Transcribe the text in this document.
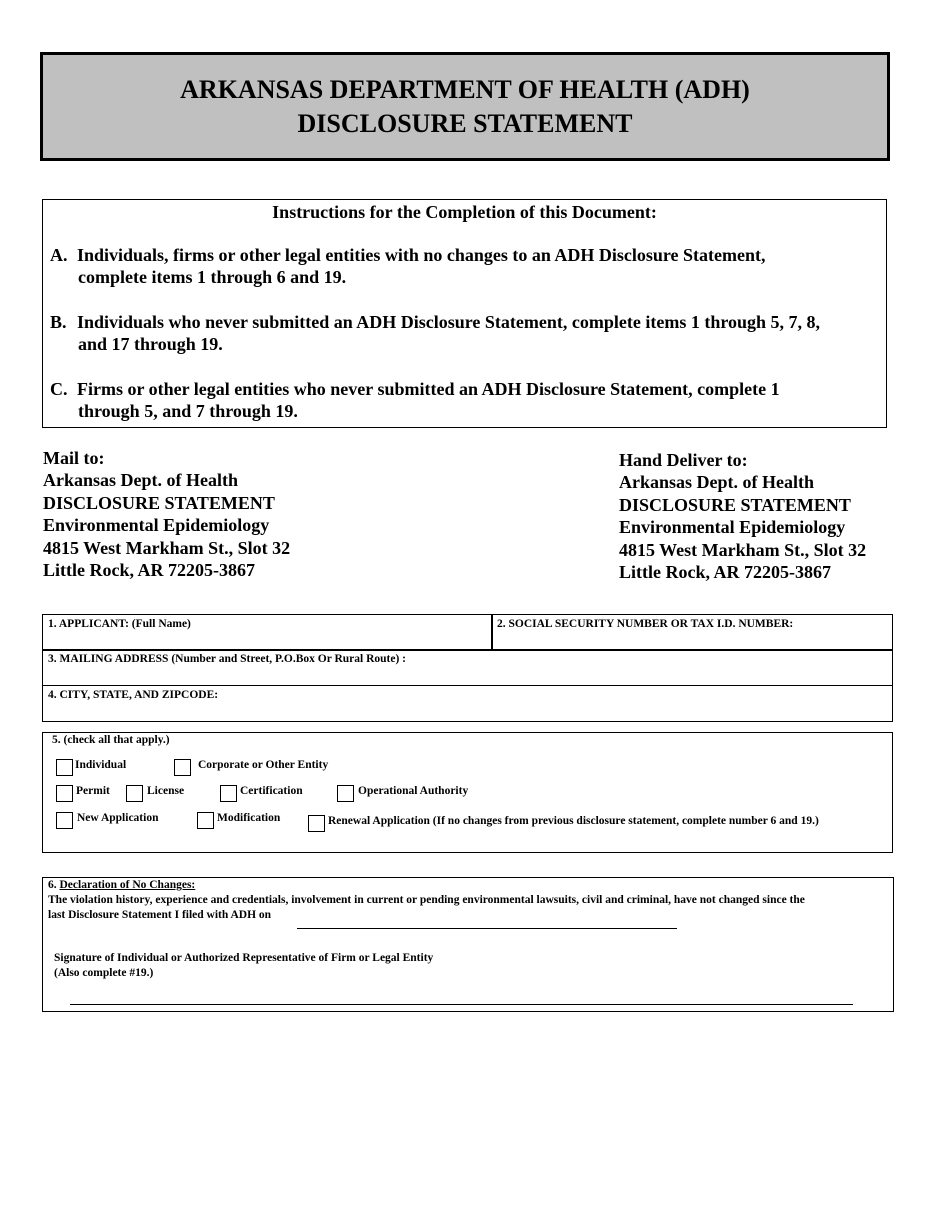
ARKANSAS DEPARTMENT OF HEALTH (ADH)
DISCLOSURE STATEMENT
Instructions for the Completion of this Document:
A. Individuals, firms or other legal entities with no changes to an ADH Disclosure Statement,
complete items 1 through 6 and 19.
B. Individuals who never submitted an ADH Disclosure Statement, complete items 1 through 5, 7, 8,
and 17 through 19.
C. Firms or other legal entities who never submitted an ADH Disclosure Statement, complete 1
through 5, and 7 through 19.
Mail to:
Arkansas Dept. of Health
DISCLOSURE STATEMENT
Environmental Epidemiology
4815 West Markham St., Slot 32
Little Rock, AR 72205-3867
Hand Deliver to:
Arkansas Dept. of Health
DISCLOSURE STATEMENT
Environmental Epidemiology
4815 West Markham St., Slot 32
Little Rock, AR 72205-3867
1. APPLICANT: (Full Name)	2. SOCIAL SECURITY NUMBER OR TAX I.D. NUMBER:
3. MAILING ADDRESS (Number and Street, P.O.Box Or Rural Route) :
4. CITY, STATE, AND ZIPCODE:
5. (check all that apply.)
Individual	Corporate or Other Entity
Permit	License	Certification	Operational Authority
New Application	Modification	Renewal Application (If no changes from previous disclosure statement, complete number 6 and 19.)
6. Declaration of No Changes:
The violation history, experience and credentials, involvement in current or pending environmental lawsuits, civil and criminal, have not changed since the
last Disclosure Statement I filed with ADH on
Signature of Individual or Authorized Representative of Firm or Legal Entity
(Also complete #19.)
